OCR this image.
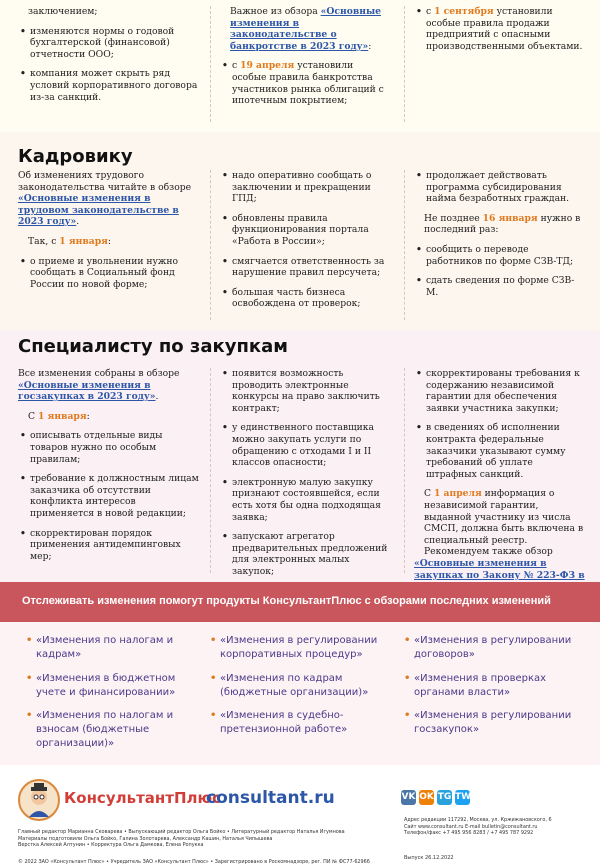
заключением;

• изменяются нормы о годовой бухгалтерской (финансовой) отчетности ООО;

• компания может скрыть ряд условий корпоративного договора из-за санкций.

Важное из обзора «Основные изменения в законодательстве о банкротстве в 2023 году»:

• с 19 апреля установили особые правила банкротства участников рынка облигаций с ипотечным покрытием;

• с 1 сентября установили особые правила продажи предприятий с опасными производственными объектами.

Кадровику

Об изменениях трудового законодательства читайте в обзоре «Основные изменения в трудовом законодательстве в 2023 году».

Так, с 1 января:

• о приеме и увольнении нужно сообщать в Социальный фонд России по новой форме;

• надо оперативно сообщать о заключении и прекращении ГПД;

• обновлены правила функционирования портала «Работа в России»;

• смягчается ответственность за нарушение правил персучета;

• большая часть бизнеса освобождена от проверок;

• продолжает действовать программа субсидирования найма безработных граждан.

Не позднее 16 января нужно в последний раз:

• сообщить о переводе работников по форме СЗВ-ТД;

• сдать сведения по форме СЗВ-М.

Специалисту по закупкам

Все изменения собраны в обзоре «Основные изменения в госзакупках в 2023 году».

С 1 января:

• описывать отдельные виды товаров нужно по особым правилам;

• требование к должностным лицам заказчика об отсутствии конфликта интересов применяется в новой редакции;

• скорректирован порядок применения антидемпинговых мер;

• появится возможность проводить электронные конкурсы на право заключить контракт;

• у единственного поставщика можно закупать услуги по обращению с отходами I и II классов опасности;

• электронную малую закупку признают состоявшейся, если есть хотя бы одна подходящая заявка;

• запускают агрегатор предварительных предложений для электронных малых закупок;

• скорректированы требования к содержанию независимой гарантии для обеспечения заявки участника закупки;

• в сведениях об исполнении контракта федеральные заказчики указывают сумму требований об уплате штрафных санкций.

С 1 апреля информация о независимой гарантии, выданной участнику из числа СМСП, должна быть включена в специальный реестр.

Рекомендуем также обзор

«Основные изменения в закупках по Закону № 223-ФЗ в

Отслеживать изменения помогут продукты КонсультантПлюс с обзорами последних изменений
• «Изменения по налогам и кадрам»
• «Изменения в бюджетном учете и финансировании»
• «Изменения по налогам и взносам (бюджетные организации)»
• «Изменения в регулировании корпоративных процедур»
• «Изменения по кадрам (бюджетные организации)»
• «Изменения в судебно-претензионной работе»
• «Изменения в регулировании договоров»
• «Изменения в проверках органами власти»
• «Изменения в регулировании госзакупок»
КонсультантПлюс
consultant.ru	VK OK TG TW
Адрес редакции 117292, Москва, ул. Кржижановского, 6
Сайт www.consultant.ru E-mail bulletin@consultant.ru
Телефон/факс +7 495 956 8283 / +7 495 787 9292
Выпуск 26.12.2022
Главный редактор Марианна Сковарева • Выпускающий редактор Ольга Бойко • Литературный редактор Наталья Игумнова
Материалы подготовили Ольга Бойко, Галина Золотарева, Александр Кашин, Наталья Чипышева
Верстка Алексей Алтунин • Корректура Ольга Дамкова, Елена Ропукка
© 2022 ЗАО «Консультант Плюс» • Учредитель ЗАО «Консультант Плюс» • Зарегистрировано в Роскомнадзоре, рег. ПИ № ФС77-62966
